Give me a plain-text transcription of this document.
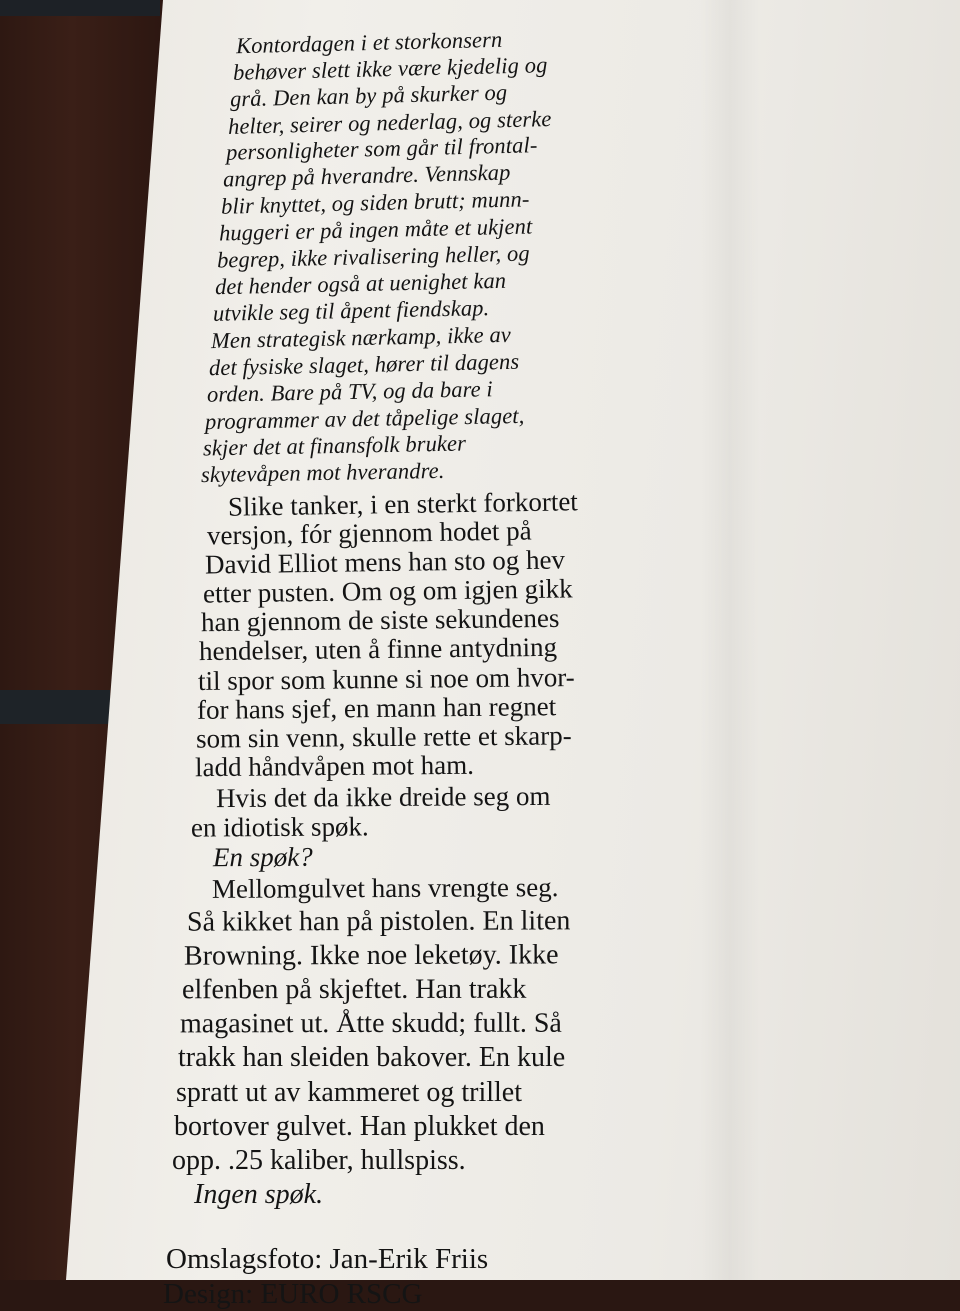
Kontordagen i et storkonsern

behøver slett ikke være kjedelig og

grå. Den kan by på skurker og

helter, seirer og nederlag, og sterke

personligheter som går til frontal-

angrep på hverandre. Vennskap

blir knyttet, og siden brutt; munn-

huggeri er på ingen måte et ukjent

begrep, ikke rivalisering heller, og

det hender også at uenighet kan

utvikle seg til åpent fiendskap.

Men strategisk nærkamp, ikke av

det fysiske slaget, hører til dagens

orden. Bare på TV, og da bare i

programmer av det tåpelige slaget,

skjer det at finansfolk bruker

skytevåpen mot hverandre.

Slike tanker, i en sterkt forkortet

versjon, fór gjennom hodet på

David Elliot mens han sto og hev

etter pusten. Om og om igjen gikk

han gjennom de siste sekundenes

hendelser, uten å finne antydning

til spor som kunne si noe om hvor-

for hans sjef, en mann han regnet

som sin venn, skulle rette et skarp-

ladd håndvåpen mot ham.

Hvis det da ikke dreide seg om

en idiotisk spøk.

En spøk?

Mellomgulvet hans vrengte seg.

Så kikket han på pistolen. En liten

Browning. Ikke noe leketøy. Ikke

elfenben på skjeftet. Han trakk

magasinet ut. Åtte skudd; fullt. Så

trakk han sleiden bakover. En kule

spratt ut av kammeret og trillet

bortover gulvet. Han plukket den

opp. .25 kaliber, hullspiss.

Ingen spøk.

Omslagsfoto: Jan-Erik Friis

Design: EURO RSCG
